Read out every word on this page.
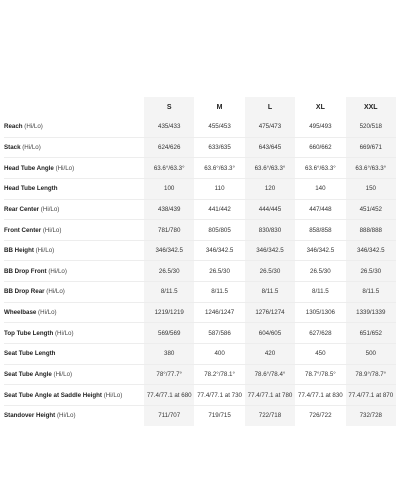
	S	M	L	XL	XXL
Reach (Hi/Lo)	435/433	455/453	475/473	495/493	520/518
Stack (Hi/Lo)	624/626	633/635	643/645	660/662	669/671
Head Tube Angle (Hi/Lo)	63.6°/63.3°	63.6°/63.3°	63.6°/63.3°	63.6°/63.3°	63.6°/63.3°
Head Tube Length	100	110	120	140	150
Rear Center (Hi/Lo)	438/439	441/442	444/445	447/448	451/452
Front Center (Hi/Lo)	781/780	805/805	830/830	858/858	888/888
BB Height (Hi/Lo)	346/342.5	346/342.5	346/342.5	346/342.5	346/342.5
BB Drop Front (Hi/Lo)	26.5/30	26.5/30	26.5/30	26.5/30	26.5/30
BB Drop Rear (Hi/Lo)	8/11.5	8/11.5	8/11.5	8/11.5	8/11.5
Wheelbase (Hi/Lo)	1219/1219	1246/1247	1276/1274	1305/1306	1339/1339
Top Tube Length (Hi/Lo)	569/569	587/586	604/605	627/628	651/652
Seat Tube Length	380	400	420	450	500
Seat Tube Angle (Hi/Lo)	78°/77.7°	78.2°/78.1°	78.6°/78.4°	78.7°/78.5°	78.9°/78.7°
Seat Tube Angle at Saddle Height (Hi/Lo)	77.4/77.1 at 680	77.4/77.1 at 730	77.4/77.1 at 780	77.4/77.1 at 830	77.4/77.1 at 870
Standover Height (Hi/Lo)	711/707	719/715	722/718	726/722	732/728
